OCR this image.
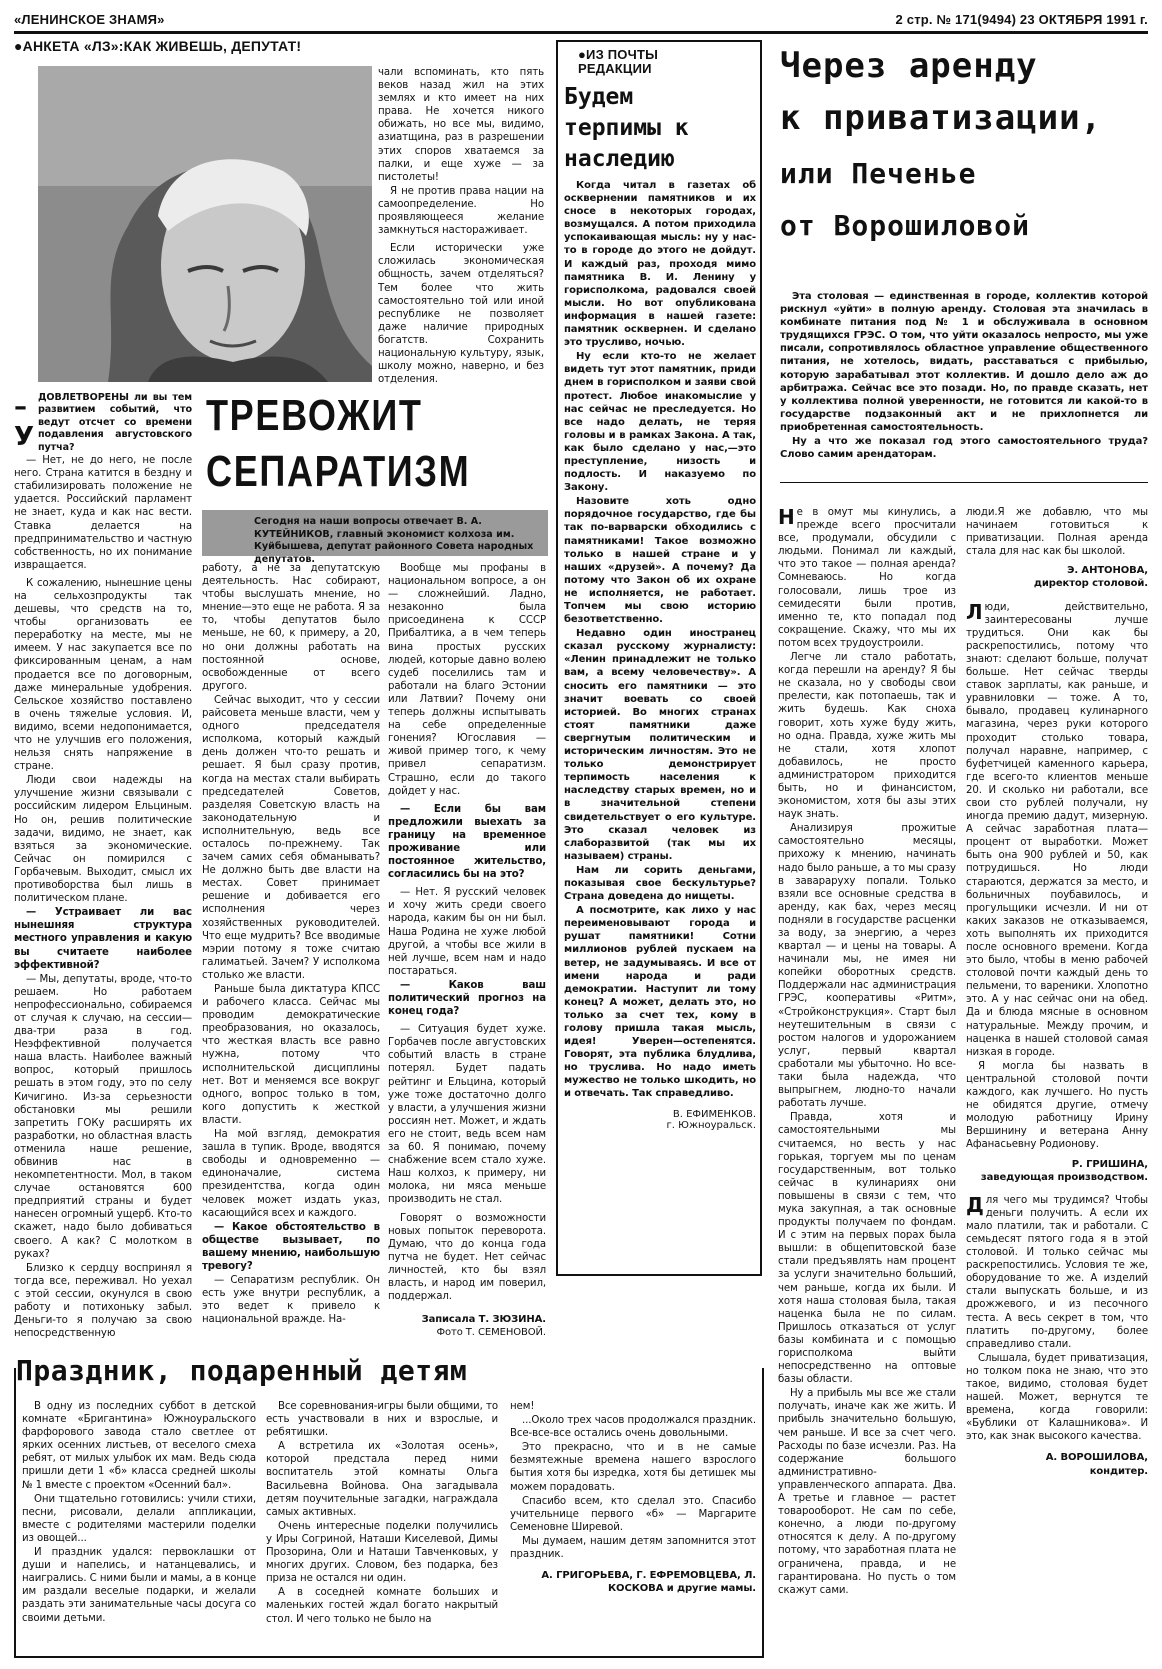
«ЛЕНИНСКОЕ ЗНАМЯ»	2 стр. № 171(9494) 23 ОКТЯБРЯ 1991 г.
●АНКЕТА «ЛЗ»:КАК ЖИВЕШЬ, ДЕПУТАТ!
ТРЕВОЖИТ
СЕПАРАТИЗМ
Сегодня на наши вопросы отвечает В. А. КУТЕЙНИКОВ, главный экономист колхоза им. Куйбышева, депутат районного Совета народных депутатов.
–У
ДОВЛЕТВОРЕНЫ ли вы тем развитием событий, что ведут отсчет со времени подавления августовского путча?

— Нет, не до него, не после него. Страна катится в бездну и стабилизировать положение не удается. Российский парламент не знает, куда и как нас вести. Ставка делается на предпринимательство и частную собственность, но их понимание извращается.

К сожалению, нынешние цены на сельхозпродукты так дешевы, что средств на то, чтобы организовать ее переработку на месте, мы не имеем. У нас закупается все по фиксированным ценам, а нам продается все по договорным, даже минеральные удобрения. Сельское хозяйство поставлено в очень тяжелые условия. И, видимо, всеми недопонимается, что не улучшив его положения, нельзя снять напряжение в стране.

Люди свои надежды на улучшение жизни связывали с российским лидером Ельциным. Но он, решив политические задачи, видимо, не знает, как взяться за экономические. Сейчас он помирился с Горбачевым. Выходит, смысл их противоборства был лишь в политическом плане.

— Устраивает ли вас нынешняя структура местного управления и какую вы считаете наиболее эффективной?

— Мы, депутаты, вроде, что-то решаем. Но работаем непрофессионально, собираемся от случая к случаю, на сессии—два-три раза в год. Неэффективной получается наша власть. Наиболее важный вопрос, который пришлось решать в этом году, это по селу Кичигино. Из-за серьезности обстановки мы решили запретить ГОКу расширять их разработки, но областная власть отменила наше решение, обвинив нас в некомпетентности. Мол, в таком случае остановятся 600 предприятий страны и будет нанесен огромный ущерб. Кто-то скажет, надо было добиваться своего. А как? С молотком в руках?

Близко к сердцу воспринял я тогда все, переживал. Но уехал с этой сессии, окунулся в свою работу и потихоньку забыл. Деньги-то я получаю за свою непосредственную

работу, а не за депутатскую деятельность. Нас собирают, чтобы выслушать мнение, но мнение—это еще не работа. Я за то, чтобы депутатов было меньше, не 60, к примеру, а 20, но они должны работать на постоянной основе, освобожденные от всего другого.

Сейчас выходит, что у сессии райсовета меньше власти, чем у одного председателя исполкома, который каждый день должен что-то решать и решает. Я был сразу против, когда на местах стали выбирать председателей Советов, разделяя Советскую власть на законодательную и исполнительную, ведь все осталось по-прежнему. Так зачем самих себя обманывать? Не должно быть две власти на местах. Совет принимает решение и добивается его исполнения через хозяйственных руководителей. Что еще мудрить? Все вводимые мэрии потому я тоже считаю галиматьей. Зачем? У исполкома столько же власти.

Раньше была диктатура КПСС и рабочего класса. Сейчас мы проводим демократические преобразования, но оказалось, что жесткая власть все равно нужна, потому что исполнительской дисциплины нет. Вот и меняемся все вокруг одного, вопрос только в том, кого допустить к жесткой власти.

На мой взгляд, демократия зашла в тупик. Вроде, вводятся свободы и одновременно — единоначалие, система президентства, когда один человек может издать указ, касающийся всех и каждого.

— Какое обстоятельство в обществе вызывает, по вашему мнению, наибольшую тревогу?

— Сепаратизм республик. Он есть уже внутри республик, а это ведет к привело к национальной вражде. На-

чали вспоминать, кто пять веков назад жил на этих землях и кто имеет на них права. Не хочется никого обижать, но все мы, видимо, азиатщина, раз в разрешении этих споров хватаемся за палки, и еще хуже — за пистолеты!

Я не против права нации на самоопределение. Но проявляющееся желание замкнуться настораживает.

Если исторически уже сложилась экономическая общность, зачем отделяться? Тем более что жить самостоятельно той или иной республике не позволяет даже наличие природных богатств. Сохранить национальную культуру, язык, школу можно, наверно, и без отделения.

Вообще мы профаны в национальном вопросе, а он — сложнейший. Ладно, незаконно была присоединена к СССР Прибалтика, а в чем теперь вина простых русских людей, которые давно волею судеб поселились там и работали на благо Эстонии или Латвии? Почему они теперь должны испытывать на себе определенные гонения? Югославия — живой пример того, к чему привел сепаратизм. Страшно, если до такого дойдет у нас.

— Если бы вам предложили выехать за границу на временное проживание или постоянное жительство, согласились бы на это?

— Нет. Я русский человек и хочу жить среди своего народа, каким бы он ни был. Наша Родина не хуже любой другой, а чтобы все жили в ней лучше, всем нам и надо постараться.

— Каков ваш политический прогноз на конец года?

— Ситуация будет хуже. Горбачев после августовских событий власть в стране потерял. Будет падать рейтинг и Ельцина, который уже тоже достаточно долго у власти, а улучшения жизни россиян нет. Может, и ждать его не стоит, ведь всем нам за 60. Я понимаю, почему снабжение всем стало хуже. Наш колхоз, к примеру, ни молока, ни мяса меньше производить не стал.

Говорят о возможности новых попыток переворота. Думаю, что до конца года путча не будет. Нет сейчас личностей, кто бы взял власть, и народ им поверил, поддержал.

Записала Т. ЗЮЗИНА.
Фото Т. СЕМЕНОВОЙ.
●ИЗ ПОЧТЫ РЕДАКЦИИ
Будем терпимы к наследию

Когда читал в газетах об осквернении памятников и их сносе в некоторых городах, возмущался. А потом приходила успокаивающая мысль: ну у нас-то в городе до этого не дойдут. И каждый раз, проходя мимо памятника В. И. Ленину у горисполкома, радовался своей мысли. Но вот опубликована информация в нашей газете: памятник осквернен. И сделано это трусливо, ночью.

Ну если кто-то не желает видеть тут этот памятник, приди днем в горисполком и заяви свой протест. Любое инакомыслие у нас сейчас не преследуется. Но все надо делать, не теряя головы и в рамках Закона. А так, как было сделано у нас,—это преступление, низость и подлость. И наказуемо по Закону.

Назовите хоть одно порядочное государство, где бы так по-варварски обходились с памятниками! Такое возможно только в нашей стране и у наших «друзей». А почему? Да потому что Закон об их охране не исполняется, не работает. Топчем мы свою историю безответственно.

Недавно один иностранец сказал русскому журналисту: «Ленин принадлежит не только вам, а всему человечеству». А сносить его памятники — это значит воевать со своей историей. Во многих странах стоят памятники даже свергнутым политическим и историческим личностям. Это не только демонстрирует терпимость населения к наследству старых времен, но и в значительной степени свидетельствует о его культуре. Это сказал человек из слаборазвитой (так мы их называем) страны.

Нам ли сорить деньгами, показывая свое бескультурье? Страна доведена до нищеты.

А посмотрите, как лихо у нас переименовывают города и рушат памятники! Сотни миллионов рублей пускаем на ветер, не задумываясь. И все от имени народа и ради демократии. Наступит ли тому конец? А может, делать это, но только за счет тех, кому в голову пришла такая мысль, идея! Уверен—остепенятся. Говорят, эта публика блудлива, но труслива. Но надо иметь мужество не только шкодить, но и отвечать. Так справедливо.

В. ЕФИМЕНКОВ.
г. Южноуральск.
Через аренду
к приватизации,
или Печенье
от Ворошиловой

Эта столовая — единственная в городе, коллектив которой рискнул «уйти» в полную аренду. Столовая эта значилась в комбинате питания под № 1 и обслуживала в основном трудящихся ГРЭС. О том, что уйти оказалось непросто, мы уже писали, сопротивлялось областное управление общественного питания, не хотелось, видать, расставаться с прибылью, которую зарабатывал этот коллектив. И дошло дело аж до арбитража. Сейчас все это позади. Но, по правде сказать, нет у коллектива полной уверенности, не готовится ли какой-то в государстве подзаконный акт и не прихлопнется ли приобретенная самостоятельность.

Ну а что же показал год этого самостоятельного труда? Слово самим арендаторам.

Не в омут мы кинулись, а прежде всего просчитали все, продумали, обсудили с людьми. Понимал ли каждый, что это такое — полная аренда? Сомневаюсь. Но когда голосовали, лишь трое из семидесяти были против, именно те, кто попадал под сокращение. Скажу, что мы их потом всех трудоустроили.

Легче ли стало работать, когда перешли на аренду? Я бы не сказала, но у свободы свои прелести, как потопаешь, так и жить будешь. Как сноха говорит, хоть хуже буду жить, но одна. Правда, хуже жить мы не стали, хотя хлопот добавилось, не просто администратором приходится быть, но и финансистом, экономистом, хотя бы азы этих наук знать.

Анализируя прожитые самостоятельно месяцы, прихожу к мнению, начинать надо было раньше, а то мы сразу в завараруху попали. Только взяли все основные средства в аренду, как бах, через месяц подняли в государстве расценки за воду, за энергию, а через квартал — и цены на товары. А начинали мы, не имея ни копейки оборотных средств. Поддержали нас администрация ГРЭС, кооперативы «Ритм», «Стройконструкция». Старт был неутешительным в связи с ростом налогов и удорожанием услуг, первый квартал сработали мы убыточно. Но все-таки была надежда, что выпрыгнем, людно-то начали работать лучше.

Правда, хотя и самостоятельными мы считаемся, но весть у нас горькая, торгуем мы по ценам государственным, вот только сейчас в кулинариях они повышены в связи с тем, что мука закупная, а так основные продукты получаем по фондам. И с этим на первых порах была вышли: в общепитовской базе стали предъявлять нам процент за услуги значительно больший, чем раньше, когда их были. И хотя наша столовая была, такая наценка была не по силам. Пришлось отказаться от услуг базы комбината и с помощью горисполкома выйти непосредственно на оптовые базы области.

Ну а прибыль мы все же стали получать, иначе как же жить. И прибыль значительно большую, чем раньше. И все за счет чего. Расходы по базе исчезли. Раз. На содержание большого административно-управленческого аппарата. Два. А третье и главное — растет товарооборот. Не сам по себе, конечно, а люди по-другому относятся к делу. А по-другому потому, что заработная плата не ограничена, правда, и не гарантирована. Но пусть о том скажут сами.

люди.Я же добавлю, что мы начинаем готовиться к приватизации. Полная аренда стала для нас как бы школой.

Э. АНТОНОВА,
директор столовой.

Люди, действительно, заинтересованы лучше трудиться. Они как бы раскрепостились, потому что знают: сделают больше, получат больше. Нет сейчас тверды ставок зарплаты, как раньше, и уравниловки — тоже. А то, бывало, продавец кулинарного магазина, через руки которого проходит столько товара, получал наравне, например, с буфетчицей каменного карьера, где всего-то клиентов меньше 20. И сколько ни работали, все свои сто рублей получали, ну иногда премию дадут, мизерную. А сейчас заработная плата—процент от выработки. Может быть она 900 рублей и 50, как потрудишься. Но люди стараются, держатся за место, и больничных поубавилось, и прогульщики исчезли. И ни от каких заказов не отказываемся, хоть выполнять их приходится после основного времени. Когда это было, чтобы в меню рабочей столовой почти каждый день то пельмени, то вареники. Хлопотно это. А у нас сейчас они на обед. Да и блюда мясные в основном натуральные. Между прочим, и наценка в нашей столовой самая низкая в городе.

Я могла бы назвать в центральной столовой почти каждого, как лучшего. Но пусть не обидятся другие, отмечу молодую работницу Ирину Вершинину и ветерана Анну Афанасьевну Родионову.

Р. ГРИШИНА,
заведующая производством.

Для чего мы трудимся? Чтобы деньги получить. А если их мало платили, так и работали. С семьдесят пятого года я в этой столовой. И только сейчас мы раскрепостились. Условия те же, оборудование то же. А изделий стали выпускать больше, и из дрожжевого, и из песочного теста. А весь секрет в том, что платить по-другому, более справедливо стали.

Слышала, будет приватизация, но толком пока не знаю, что это такое, видимо, столовая будет нашей. Может, вернутся те времена, когда говорили: «Бублики от Калашникова». И это, как знак высокого качества.

А. ВОРОШИЛОВА,
кондитер.
Праздник, подаренный детям

В одну из последних суббот в детской комнате «Бригантина» Южноуральского фарфорового завода стало светлее от ярких осенних листьев, от веселого смеха ребят, от милых улыбок их мам. Ведь сюда пришли дети 1 «б» класса средней школы № 1 вместе с проектом «Осенний бал».

Они тщательно готовились: учили стихи, песни, рисовали, делали аппликации, вместе с родителями мастерили поделки из овощей...

И праздник удался: первоклашки от души и напелись, и натанцевались, и наигрались. С ними были и мамы, а в конце им раздали веселые подарки, и желали раздать эти занимательные часы досуга со своими детьми.

Все соревнования-игры были общими, то есть участвовали в них и взрослые, и ребятишки.

А встретила их «Золотая осень», которой предстала перед ними воспитатель этой комнаты Ольга Васильевна Войнова. Она загадывала детям поучительные загадки, награждала самых активных.

Очень интересные поделки получились у Иры Согриной, Наташи Киселевой, Димы Прозорина, Оли и Наташи Тавченковых, у многих других. Словом, без подарка, без приза не остался ни один.

А в соседней комнате больших и маленьких гостей ждал богато накрытый стол. И чего только не было на

нем!

...Около трех часов продолжался праздник. Все-все-все остались очень довольными.

Это прекрасно, что и в не самые безмятежные времена нашего взрослого бытия хотя бы изредка, хотя бы детишек мы можем порадовать.

Спасибо всем, кто сделал это. Спасибо учительнице первого «б» — Маргарите Семеновне Ширевой.

Мы думаем, нашим детям запомнится этот праздник.

А. ГРИГОРЬЕВА, Г. ЕФРЕМОВЦЕВА, Л. КОСКОВА и другие мамы.
